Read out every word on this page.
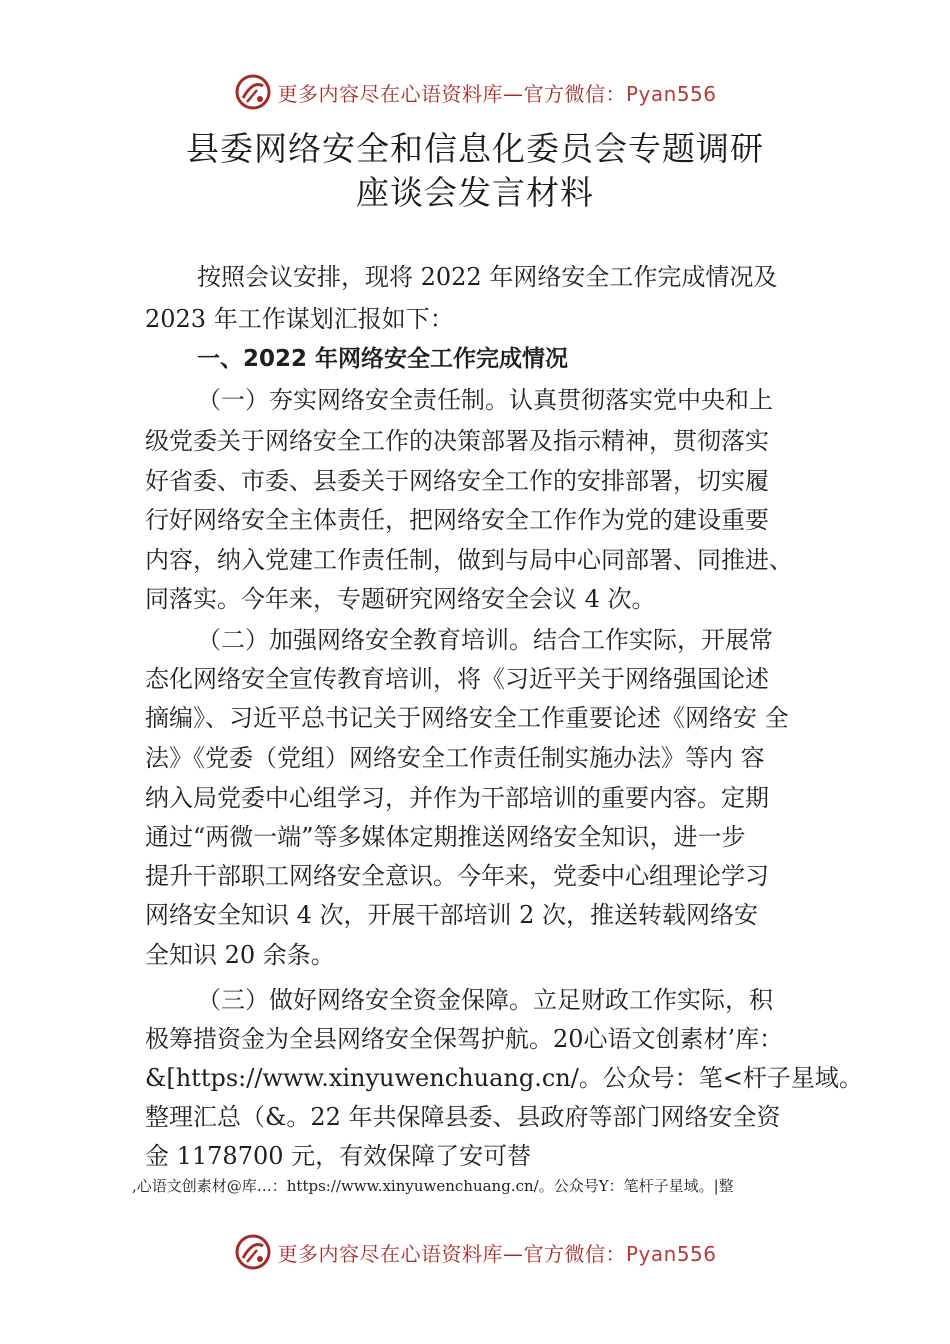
更多内容尽在心语资料库—官方微信：Pyan556
县委网络安全和信息化委员会专题调研
座谈会发言材料
按照会议安排，现将 2022 年网络安全工作完成情况及
2023 年工作谋划汇报如下：
一、2022 年网络安全工作完成情况
（一）夯实网络安全责任制。认真贯彻落实党中央和上
级党委关于网络安全工作的决策部署及指示精神，贯彻落实
好省委、市委、县委关于网络安全工作的安排部署，切实履
行好网络安全主体责任，把网络安全工作作为党的建设重要
内容，纳入党建工作责任制，做到与局中心同部署、同推进、
同落实。今年来，专题研究网络安全会议 4 次。
（二）加强网络安全教育培训。结合工作实际，开展常
态化网络安全宣传教育培训，将《习近平关于网络强国论述
摘编》、习近平总书记关于网络安全工作重要论述《网络安 全
法》《党委（党组）网络安全工作责任制实施办法》等内 容
纳入局党委中心组学习，并作为干部培训的重要内容。定期
通过“两微一端”等多媒体定期推送网络安全知识，进一步
提升干部职工网络安全意识。今年来，党委中心组理论学习
网络安全知识 4 次，开展干部培训 2 次，推送转载网络安
全知识 20 余条。
（三）做好网络安全资金保障。立足财政工作实际，积
极筹措资金为全县网络安全保驾护航。20心语文创素材’库：
&[https://www.xinyuwenchuang.cn/。公众号：笔<杆子星域。
整理汇总（&。22 年共保障县委、县政府等部门网络安全资
金 1178700 元，有效保障了安可替
,心语文创素材@库…：https://www.xinyuwenchuang.cn/。公众号Y：笔杆子星域。|整
更多内容尽在心语资料库—官方微信：Pyan556
